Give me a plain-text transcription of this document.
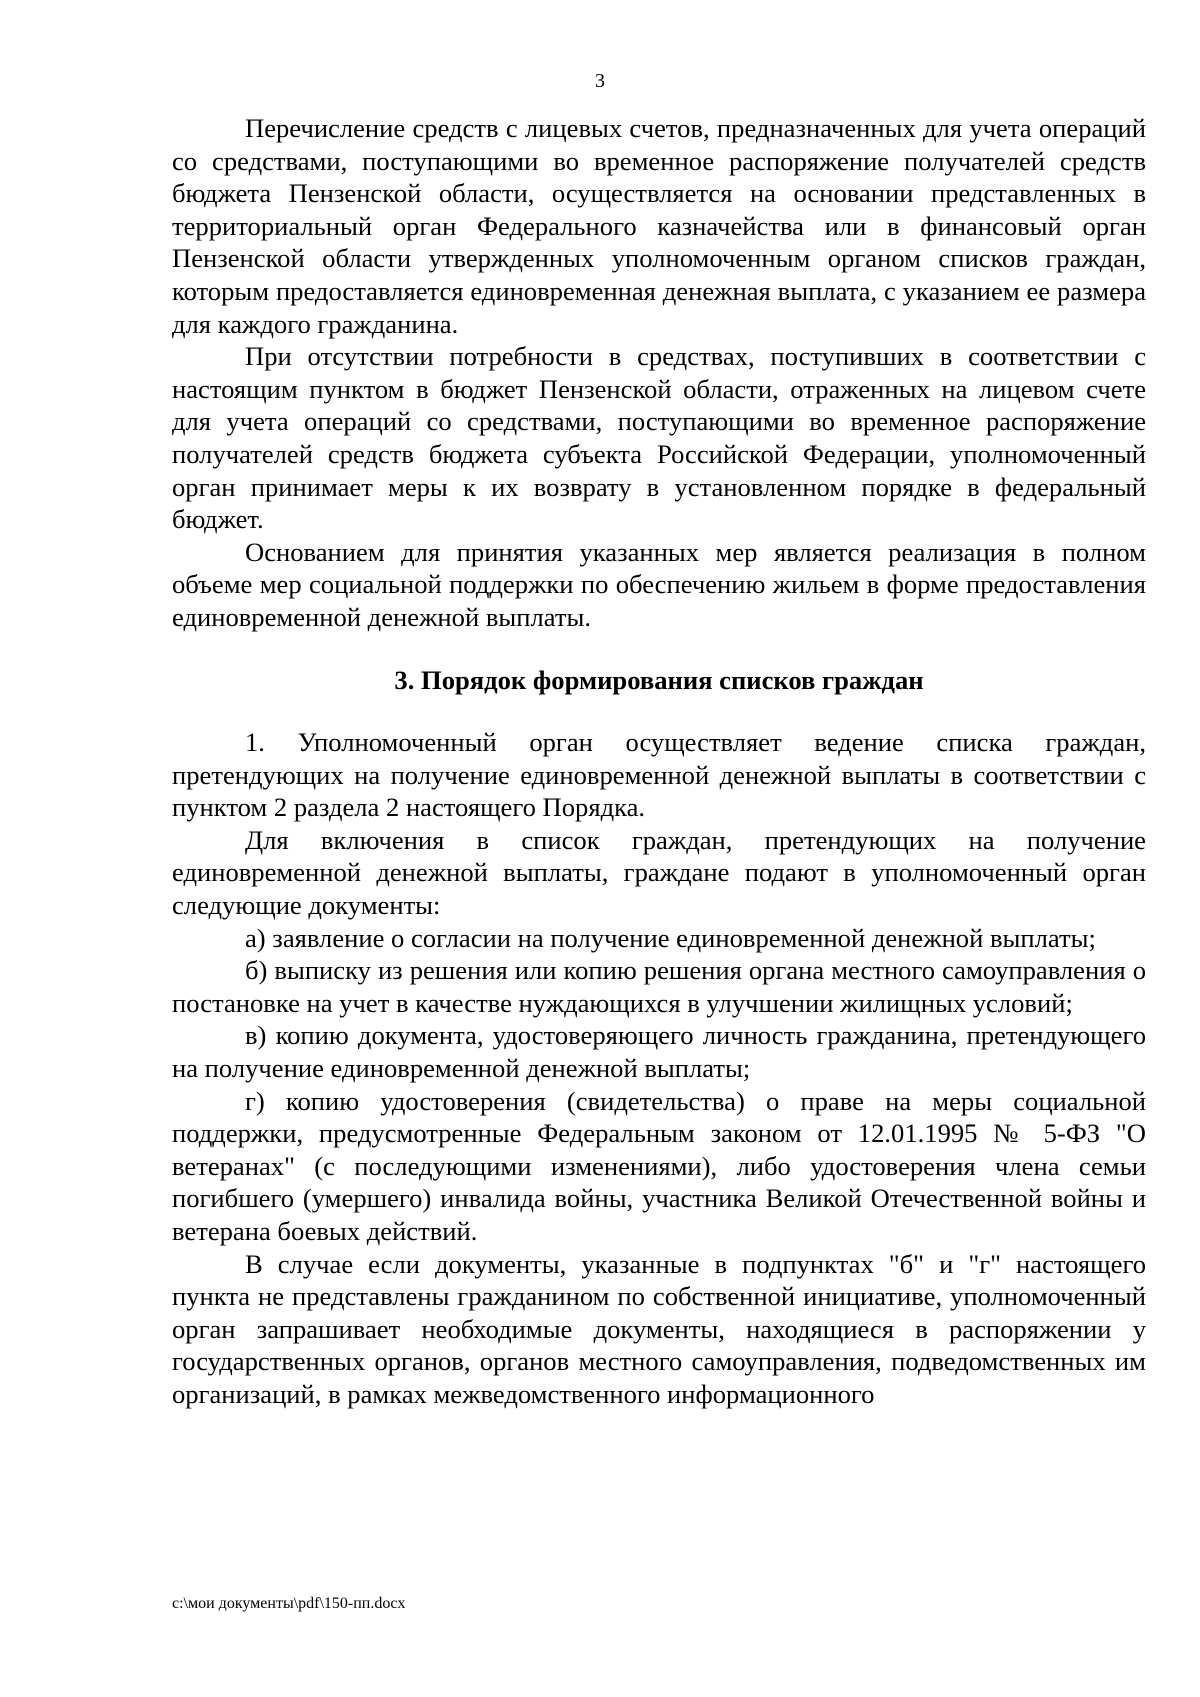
3

Перечисление средств с лицевых счетов, предназначенных для учета операций со средствами, поступающими во временное распоряжение получателей средств бюджета Пензенской области, осуществляется на основании представленных в территориальный орган Федерального казначейства или в финансовый орган Пензенской области утвержденных уполномоченным органом списков граждан, которым предоставляется единовременная денежная выплата, с указанием ее размера для каждого гражданина.

При отсутствии потребности в средствах, поступивших в соответствии с настоящим пунктом в бюджет Пензенской области, отраженных на лицевом счете для учета операций со средствами, поступающими во временное распоряжение получателей средств бюджета субъекта Российской Федерации, уполномоченный орган принимает меры к их возврату в установленном порядке в федеральный бюджет.

Основанием для принятия указанных мер является реализация в полном объеме мер социальной поддержки по обеспечению жильем в форме предоставления единовременной денежной выплаты.

3. Порядок формирования списков граждан

1. Уполномоченный орган осуществляет ведение списка граждан, претендующих на получение единовременной денежной выплаты в соответствии с пунктом 2 раздела 2 настоящего Порядка.

Для включения в список граждан, претендующих на получение единовременной денежной выплаты, граждане подают в уполномоченный орган следующие документы:

а) заявление о согласии на получение единовременной денежной выплаты;

б) выписку из решения или копию решения органа местного самоуправления о постановке на учет в качестве нуждающихся в улучшении жилищных условий;

в) копию документа, удостоверяющего личность гражданина, претендующего на получение единовременной денежной выплаты;

г) копию удостоверения (свидетельства) о праве на меры социальной поддержки, предусмотренные Федеральным законом от 12.01.1995 № 5-ФЗ "О ветеранах" (с последующими изменениями), либо удостоверения члена семьи погибшего (умершего) инвалида войны, участника Великой Отечественной войны и ветерана боевых действий.

В случае если документы, указанные в подпунктах "б" и "г" настоящего пункта не представлены гражданином по собственной инициативе, уполномоченный орган запрашивает необходимые документы, находящиеся в распоряжении у государственных органов, органов местного самоуправления, подведомственных им организаций, в рамках межведомственного информационного

c:\мои документы\pdf\150-пп.docx
